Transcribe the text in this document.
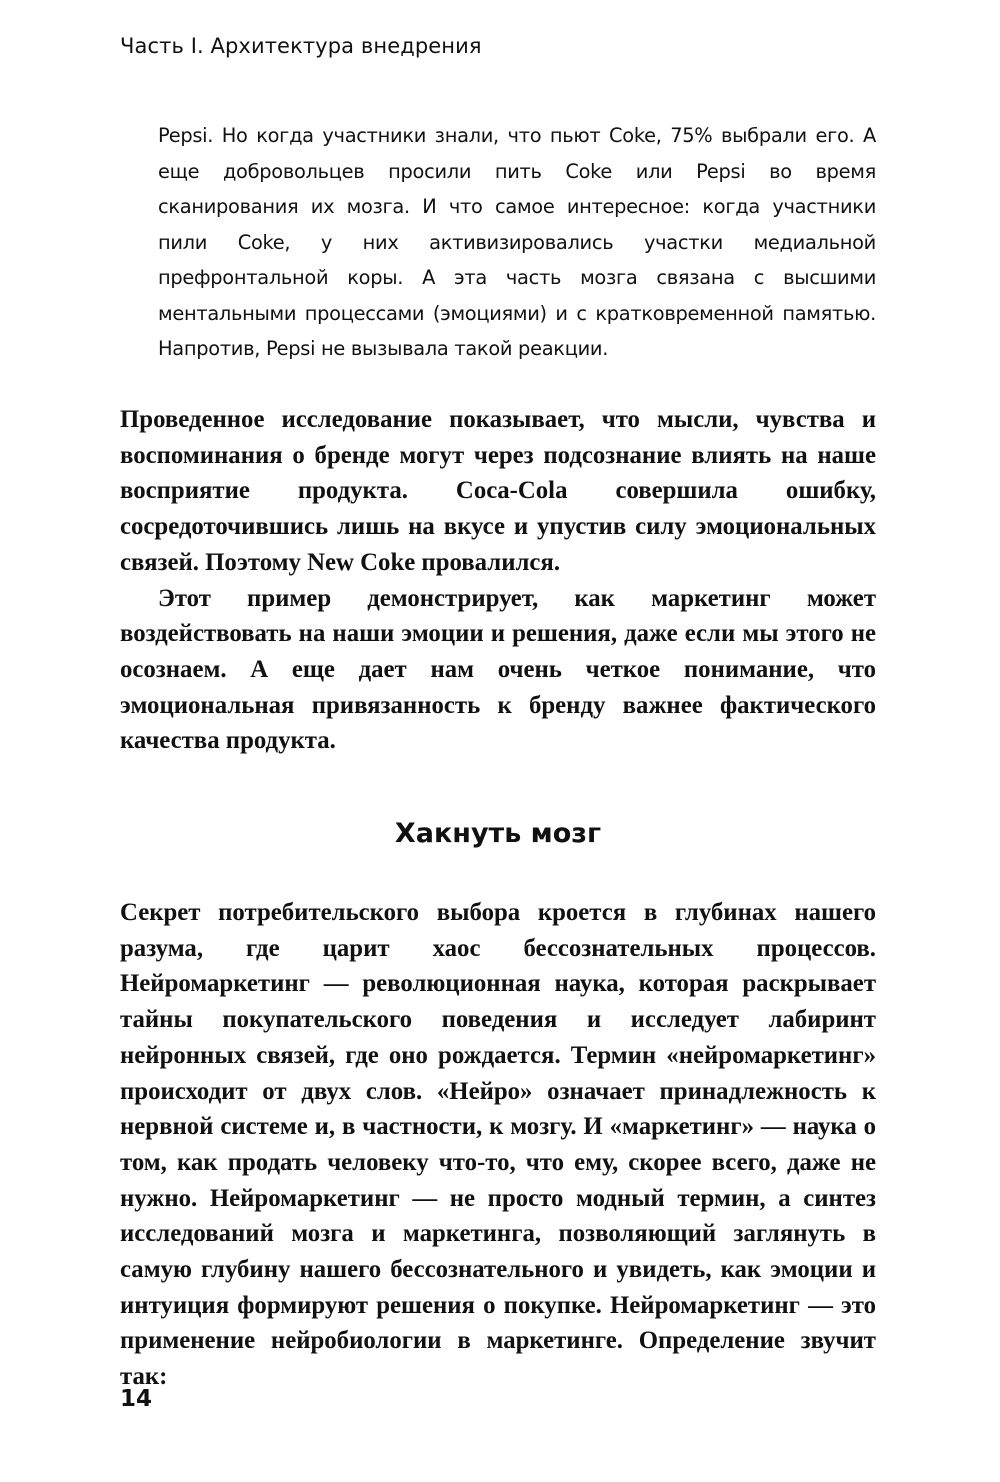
Часть I. Архитектура внедрения
Pepsi. Но когда участники знали, что пьют Coke, 75% выбрали его. А еще добровольцев просили пить Coke или Pepsi во время сканирования их мозга. И что самое интересное: когда участники пили Coke, у них активизировались участки медиальной префронтальной коры. А эта часть мозга связана с высшими ментальными процессами (эмоциями) и с кратковременной памятью. Напротив, Pepsi не вызывала такой реакции.

Проведенное исследование показывает, что мысли, чувства и воспоминания о бренде могут через подсознание влиять на наше восприятие продукта. Coca-Cola совершила ошибку, сосредоточившись лишь на вкусе и упустив силу эмоциональных связей. Поэтому New Coke провалился.

Этот пример демонстрирует, как маркетинг может воздействовать на наши эмоции и решения, даже если мы этого не осознаем. А еще дает нам очень четкое понимание, что эмоциональная привязанность к бренду важнее фактического качества продукта.

Хакнуть мозг

Секрет потребительского выбора кроется в глубинах нашего разума, где царит хаос бессознательных процессов. Нейромаркетинг — революционная наука, которая раскрывает тайны покупательского поведения и исследует лабиринт нейронных связей, где оно рождается. Термин «нейромаркетинг» происходит от двух слов. «Нейро» означает принадлежность к нервной системе и, в частности, к мозгу. И «маркетинг» — наука о том, как продать человеку что-то, что ему, скорее всего, даже не нужно. Нейромаркетинг — не просто модный термин, а синтез исследований мозга и маркетинга, позволяющий заглянуть в самую глубину нашего бессознательного и увидеть, как эмоции и интуиция формируют решения о покупке. Нейромаркетинг — это применение нейробиологии в маркетинге. Определение звучит так:

14
